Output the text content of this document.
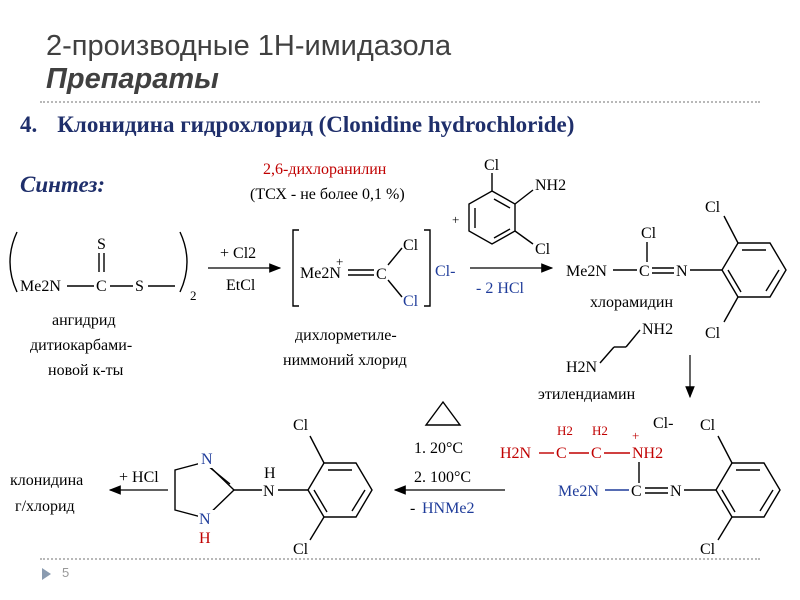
2-производные 1Н-имидазола
Препараты
4. Клонидина гидрохлорид (Clonidine hydrochloride)
Синтез:
2,6-дихлоранилин
(ТСХ - не более 0,1 %)
+
Cl
NH2
Cl
S
Me2N C S
2
ангидрид
дитиокарбами-
новой к-ты
+ Cl2
EtCl
+
Me2N C
Cl
Cl
Cl-
дихлорметиле-
ниммоний хлорид
- 2 HCl
Cl
Me2N C N
Cl
Cl
хлорамидин
NH2
H2N
этилендиамин
H2 H2 +
Cl-
H2N C C NH2
Me2N C N
Cl
Cl
1. 20°C
2. 100°C
- HNMe2
N
N
H
H
N
Cl
Cl
+ HCl
клонидина
г/хлорид
5
